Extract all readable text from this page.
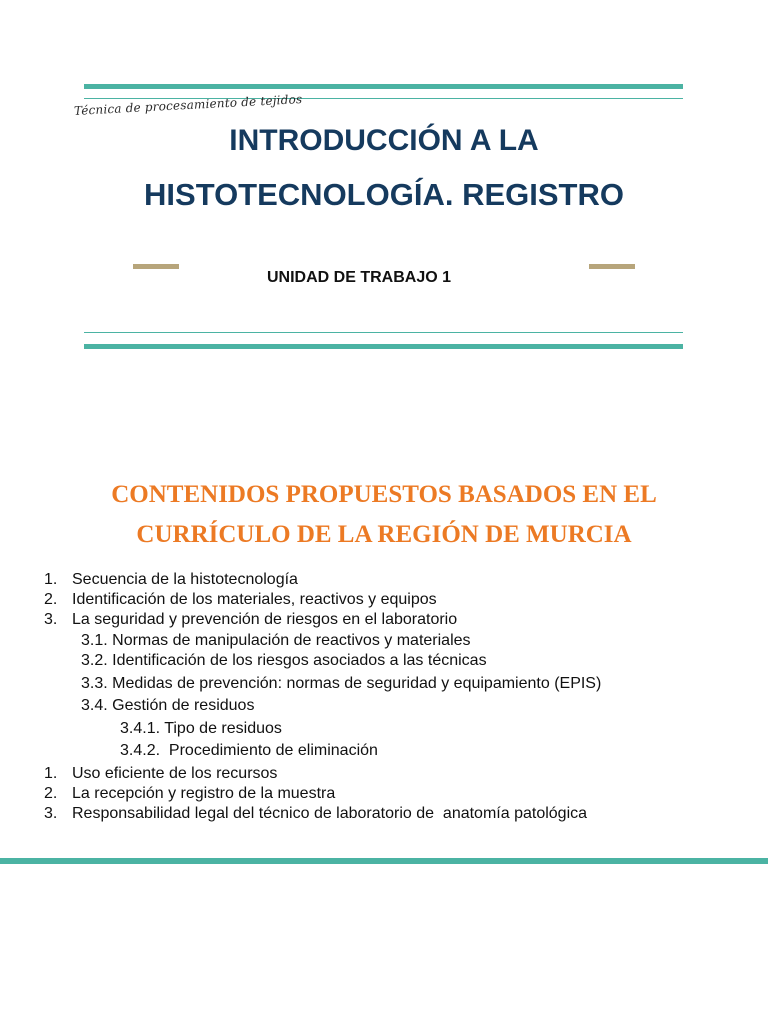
Técnica de procesamiento de tejidos
INTRODUCCIÓN A LA
HISTOTECNOLOGÍA. REGISTRO
UNIDAD DE TRABAJO 1
CONTENIDOS PROPUESTOS BASADOS EN EL
CURRÍCULO DE LA REGIÓN DE MURCIA
1. Secuencia de la histotecnología
2. Identificación de los materiales, reactivos y equipos
3. La seguridad y prevención de riesgos en el laboratorio
3.1. Normas de manipulación de reactivos y materiales
3.2. Identificación de los riesgos asociados a las técnicas
3.3. Medidas de prevención: normas de seguridad y equipamiento (EPIS)
3.4. Gestión de residuos
3.4.1. Tipo de residuos
3.4.2. Procedimiento de eliminación
1. Uso eficiente de los recursos
2. La recepción y registro de la muestra
3. Responsabilidad legal del técnico de laboratorio de  anatomía patológica
